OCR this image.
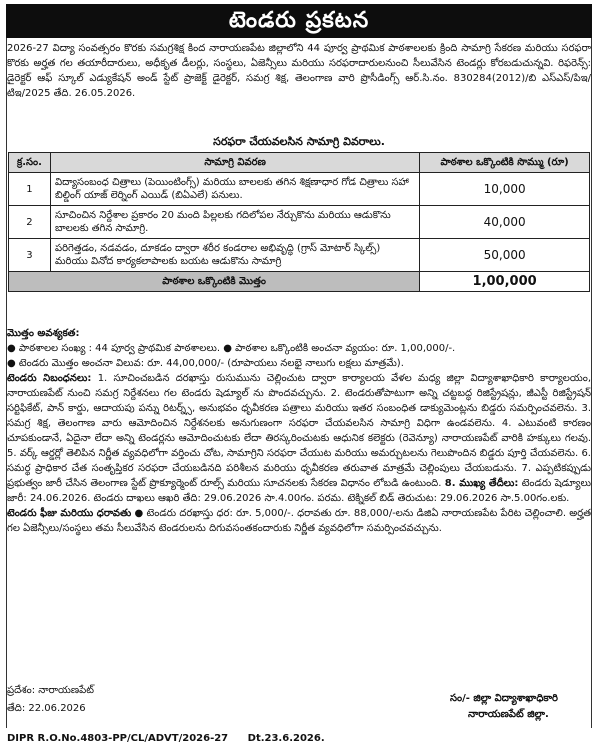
టెండరు ప్రకటన
2026-27 విద్యా సంవత్సరం కొరకు సమగ్రశిక్ష కింద నారాయణపేట జిల్లాలోని 44 పూర్వ ప్రాథమిక పాఠశాలలకు క్రింది సామాగ్రి సేకరణ మరియు సరఫరా కొరకు అర్హత గల తయారీదారులు, అధీకృత డీలర్లు, సంస్థలు, ఏజెన్సీలు మరియు సరఫరాదారులనుంచి సీలువేసిన టెండర్లు కోరబడుచున్నవి. రిఫరెన్స్: డైరెక్టర్ ఆఫ్ స్కూల్ ఎడ్యుకేషన్ అండ్ స్టేట్ ప్రాజెక్ట్ డైరెక్టర్, సమగ్ర శిక్ష, తెలంగాణ వారి ప్రొసీడింగ్స్ ఆర్.సి.నం. 830284(2012)/బి ఎస్ఎస్/పిఇ/టిఇ/2025 తేది. 26.05.2026.
సరఫరా చేయవలసిన సామాగ్రి వివరాలు.
క్ర.సం.	సామాగ్రి వివరణ	పాఠశాల ఒక్కొంటికి సొమ్ము (రూ)
1	విద్యాసంబంధ చిత్రాలు (పెయింటింగ్స్) మరియు బాలలకు తగిన శిక్షణాధార గోడ చిత్రాలు సహా బిల్డింగ్ యాజ్ లెర్నింగ్ ఎయిడ్ (బిఏఎలే) పనులు.	10,000
2	సూచించిన నిర్దేశాల ప్రకారం 20 మంది పిల్లలకు గదిలోపల నేర్చుకొను మరియు ఆడుకొను బాలలకు తగిన సామాగ్రి.	40,000
3	పరిగెత్తడం, నడవడం, దూకడం ద్వారా శరీర కండరాల అభివృద్ధి (గ్రాస్ మోటార్ స్కిల్స్) మరియు వినోద కార్యకలాపాలకు బయట ఆడుకొను సామాగ్రి	50,000
పాఠశాల ఒక్కొంటికి మొత్తం		1,00,000

మొత్తం అవశ్యకత:

● పాఠశాలల సంఖ్య : 44 పూర్వ ప్రాథమిక పాఠశాలలు. ● పాఠశాల ఒక్కొంటికి అంచనా వ్యయం: రూ. 1,00,000/-.

● టెండరు మొత్తం అంచనా విలువ: రూ. 44,00,000/- (రూపాయలు నలభై నాలుగు లక్షలు మాత్రమే).

టెండరు నిబంధనలు: 1. సూచించబడిన దరఖాస్తు రుసుమును చెల్లించుట ద్వారా కార్యాలయ వేళల మధ్య జిల్లా విద్యాశాఖాధికారి కార్యాలయం, నారాయణపేట్ నుంచి సమగ్ర నిర్దేశనలు గల టెండరు షెడ్యూల్ ను పొందవచ్చును. 2. టెండరుతోపాటుగా అన్ని చట్టబద్ధ రిజిస్ట్రేషన్లు, జీఎస్టీ రిజిస్ట్రేషన్ సర్టిఫికేట్, పాన్ కార్డు, ఆదాయపు పన్ను రిటర్న్స్, అనుభవం ధృవీకరణ పత్రాలు మరియు ఇతర సంబంధిత డాక్యుమెంట్లను బిడ్డరు సమర్పించవలెను. 3. సమగ్ర శిక్ష, తెలంగాణ వారు ఆమోదించిన నిర్దేశనలకు అనుగుణంగా సరఫరా చేయవలసిన సామాగ్రి విధిగా ఉండవలెను. 4. ఎటువంటి కారణం చూపకుండానే, ఏదైనా లేదా అన్ని టెండర్లను ఆమోదించుటకు లేదా తిరస్కరించుటకు ఆధునిక కలెక్టరు (రెవెన్యూ) నారాయణపేట్ వారికి హక్కులు గలవు. 5. వర్క్ ఆర్డర్లో తెలిపిన నిర్ణీత వ్యవధిలోగా వర్తించు చోట, సామాగ్రిని సరఫరా చేయుట మరియు అమర్చుటలను గెలుపొందిన బిడ్డరు పూర్తి చేయవలెను. 6. సమర్థ ప్రాధికార చేత సంతృప్తికర సరఫరా చేయబడినది పరిశీలన మరియు ధృవీకరణ తరువాత మాత్రమే చెల్లింపులు చేయబడును. 7. ఎప్పటికప్పుడు ప్రభుత్వం జారీ చేసిన తెలంగాణ స్టేట్ ప్రొక్యూర్మెంట్ రూల్స్ మరియు సూచనలకు సేకరణ విధానం లోబడి ఉంటుంది. 8. ముఖ్య తేదీలు: టెండరు షెడ్యూలు జారీ: 24.06.2026. టెండరు దాఖలు ఆఖరి తేది: 29.06.2026 సా.4.00గం. పరమ. టెక్నికల్ బిడ్ తెరుచుట: 29.06.2026 సా.5.00గం.లకు.

టెండరు ఫీజు మరియు ధరావతు ● టెండరు దరఖాస్తు ధర: రూ. 5,000/-. ధరావతు రూ. 88,000/-లను డిజిఏ నారాయణపేట పేరిట చెల్లించాలి. అర్హత గల ఏజెన్సీలు/సంస్థలు తమ సీలువేసిన టెండరులను దిగువసంతకందారుకు నిర్ణీత వ్యవధిలోగా సమర్పించవచ్చును.

ప్రదేశం: నారాయణపేట్
తేది: 22.06.2026
సం/- జిల్లా విద్యాశాఖాధికారి
నారాయణపేట్ జిల్లా.
DIPR R.O.No.4803-PP/CL/ADVT/2026-27 Dt.23.6.2026.
